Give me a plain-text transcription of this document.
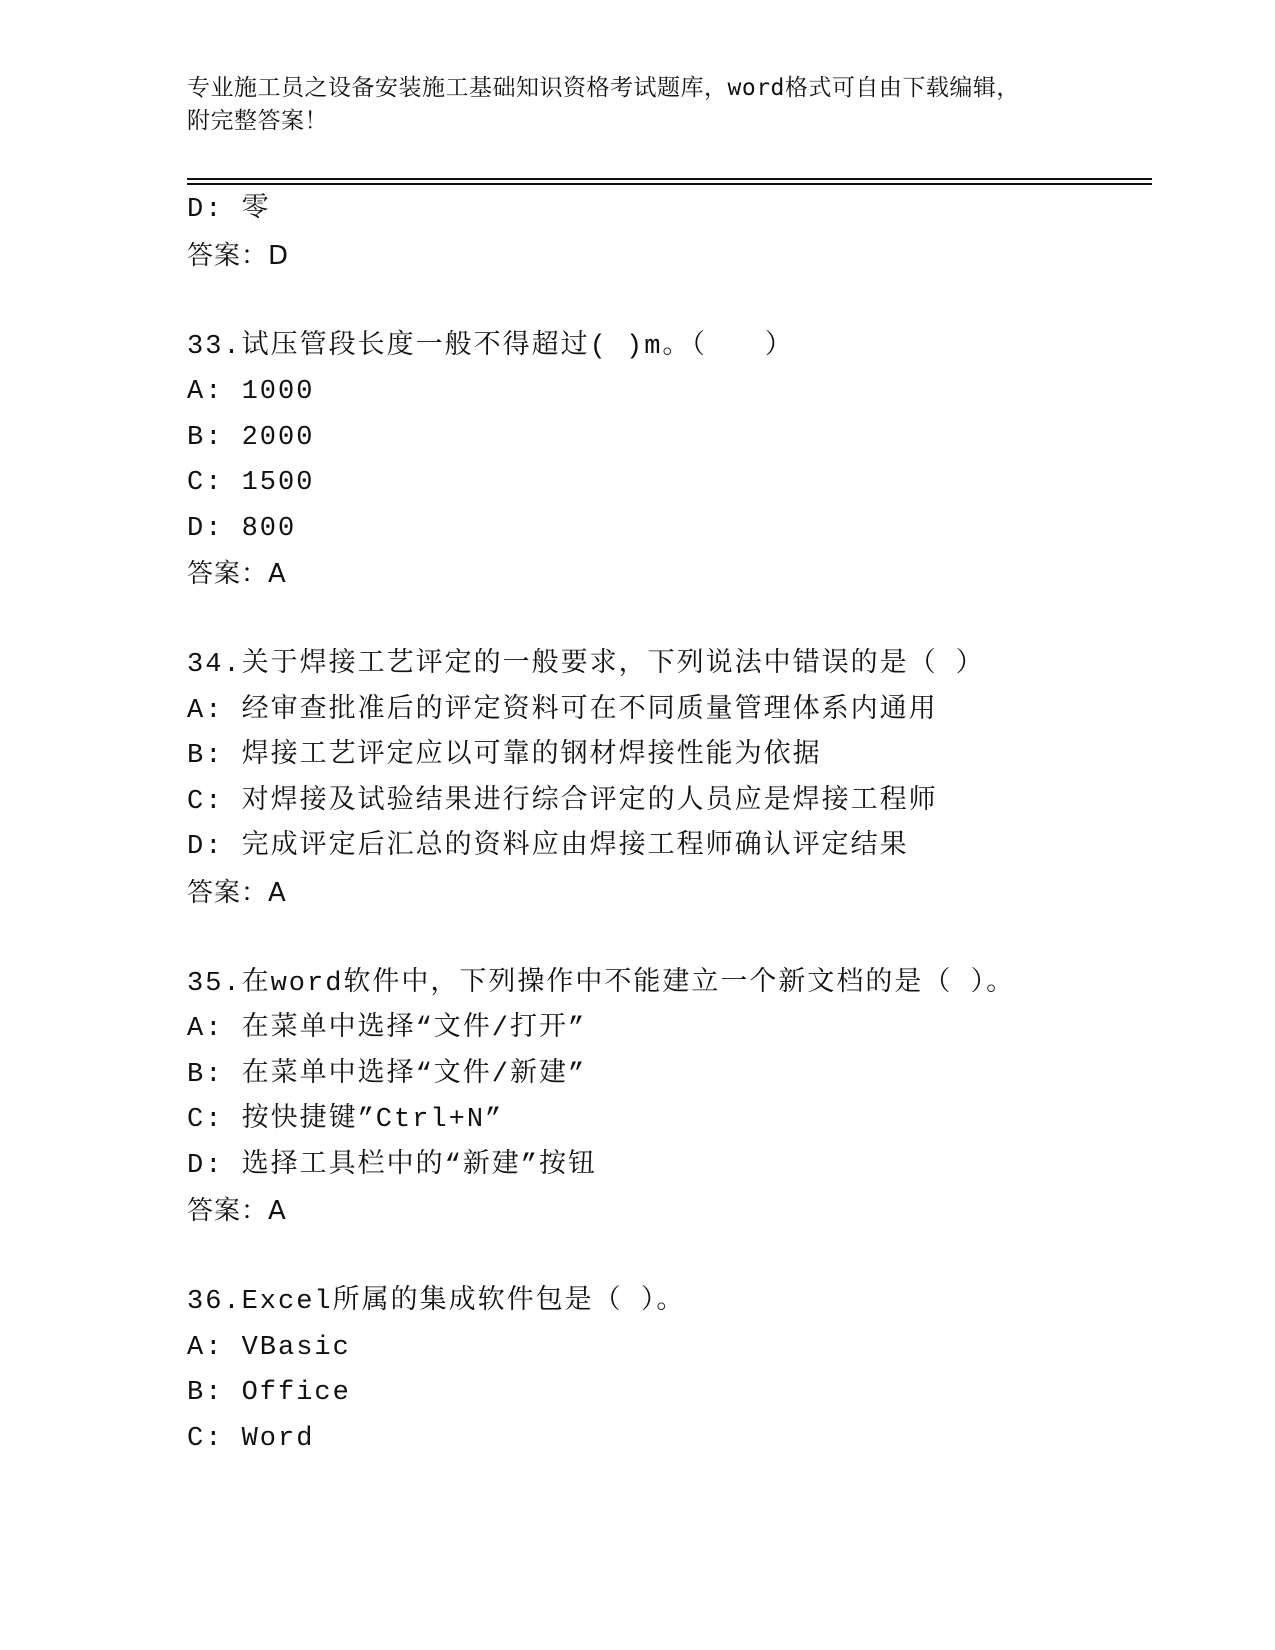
专业施工员之设备安装施工基础知识资格考试题库，word格式可自由下载编辑，
附完整答案！
D: 零
答案：D
33.试压管段长度一般不得超过( )m。（　　）
A: 1000
B: 2000
C: 1500
D: 800
答案：A
34.关于焊接工艺评定的一般要求，下列说法中错误的是（ ）
A: 经审查批准后的评定资料可在不同质量管理体系内通用
B: 焊接工艺评定应以可靠的钢材焊接性能为依据
C: 对焊接及试验结果进行综合评定的人员应是焊接工程师
D: 完成评定后汇总的资料应由焊接工程师确认评定结果
答案：A
35.在word软件中，下列操作中不能建立一个新文档的是（ ）。
A: 在菜单中选择“文件/打开”
B: 在菜单中选择“文件/新建”
C: 按快捷键”Ctrl+N”
D: 选择工具栏中的“新建”按钮
答案：A
36.Excel所属的集成软件包是（ ）。
A: VBasic
B: Office
C: Word
